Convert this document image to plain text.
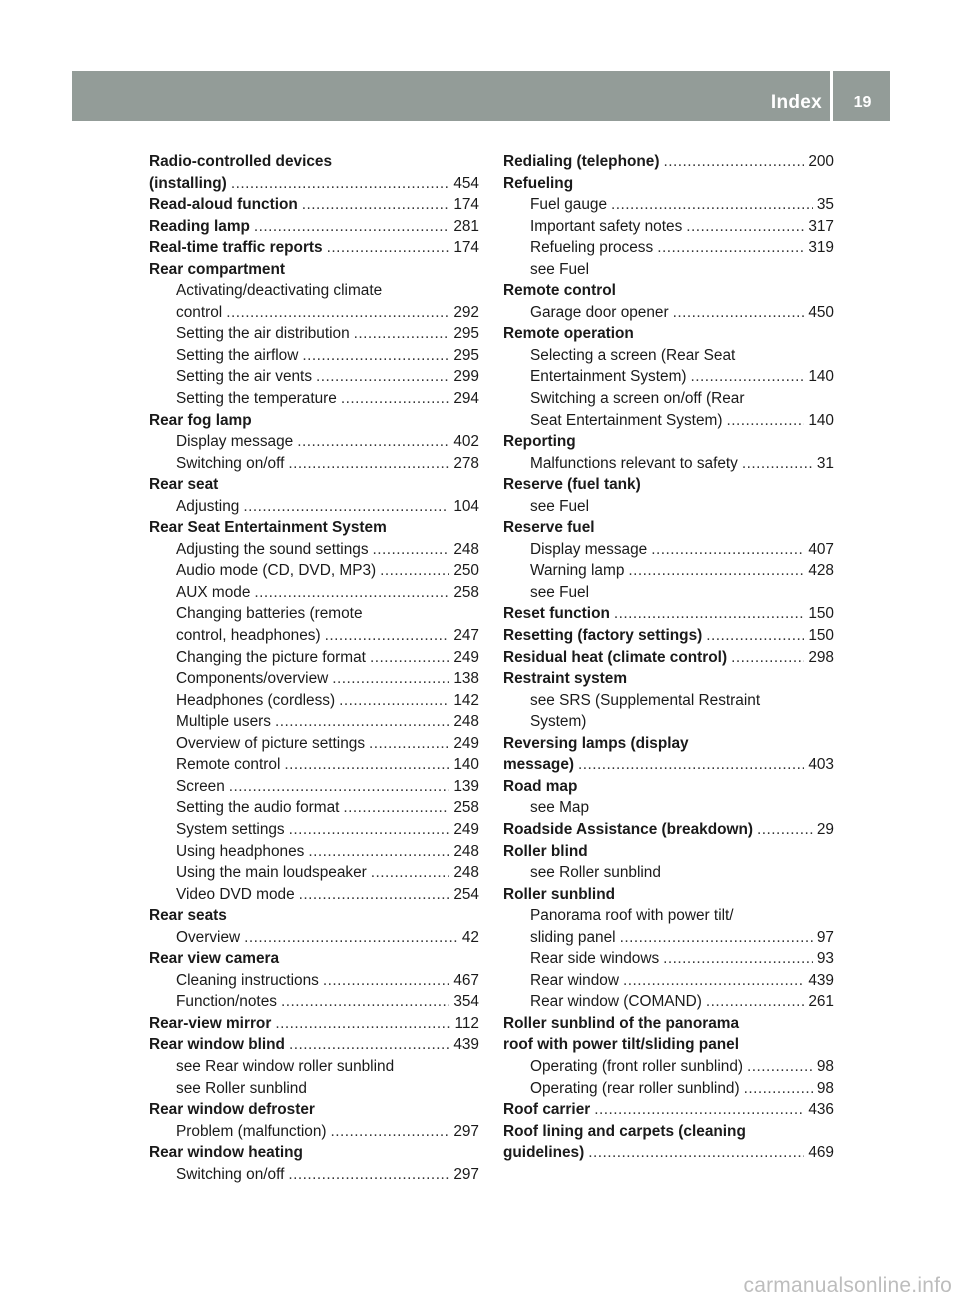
Index	19
Radio-controlled devices
(installing) . . .	454
Read-aloud function . . .	174
Reading lamp . . .	281
Real-time traffic reports . . .	174
Rear compartment
Activating/deactivating climate
control . . .	292
Setting the air distribution . . .	295
Setting the airflow . . .	295
Setting the air vents . . .	299
Setting the temperature . . .	294
Rear fog lamp
Display message . . .	402
Switching on/off . . .	278
Rear seat
Adjusting . . .	104
Rear Seat Entertainment System
Adjusting the sound settings . . .	248
Audio mode (CD, DVD, MP3) . . .	250
AUX mode . . .	258
Changing batteries (remote
control, headphones) . . .	247
Changing the picture format . . .	249
Components/overview . . .	138
Headphones (cordless) . . .	142
Multiple users . . .	248
Overview of picture settings . . .	249
Remote control . . .	140
Screen . . .	139
Setting the audio format . . .	258
System settings . . .	249
Using headphones . . .	248
Using the main loudspeaker . . .	248
Video DVD mode . . .	254
Rear seats
Overview . . .	42
Rear view camera
Cleaning instructions . . .	467
Function/notes . . .	354
Rear-view mirror . . .	112
Rear window blind . . .	439
see Rear window roller sunblind
see Roller sunblind
Rear window defroster
Problem (malfunction) . . .	297
Rear window heating
Switching on/off . . .	297
Redialing (telephone) . . .	200
Refueling
Fuel gauge . . .	35
Important safety notes . . .	317
Refueling process . . .	319
see Fuel
Remote control
Garage door opener . . .	450
Remote operation
Selecting a screen (Rear Seat
Entertainment System) . . .	140
Switching a screen on/off (Rear
Seat Entertainment System) . . .	140
Reporting
Malfunctions relevant to safety . . .	31
Reserve (fuel tank)
see Fuel
Reserve fuel
Display message . . .	407
Warning lamp . . .	428
see Fuel
Reset function . . .	150
Resetting (factory settings) . . .	150
Residual heat (climate control) . . .	298
Restraint system
see SRS (Supplemental Restraint
System)
Reversing lamps (display
message) . . .	403
Road map
see Map
Roadside Assistance (breakdown) . . .	29
Roller blind
see Roller sunblind
Roller sunblind
Panorama roof with power tilt/
sliding panel . . .	97
Rear side windows . . .	93
Rear window . . .	439
Rear window (COMAND) . . .	261
Roller sunblind of the panorama
roof with power tilt/sliding panel
Operating (front roller sunblind) . . .	98
Operating (rear roller sunblind) . . .	98
Roof carrier . . .	436
Roof lining and carpets (cleaning
guidelines) . . .	469
carmanualsonline.info
